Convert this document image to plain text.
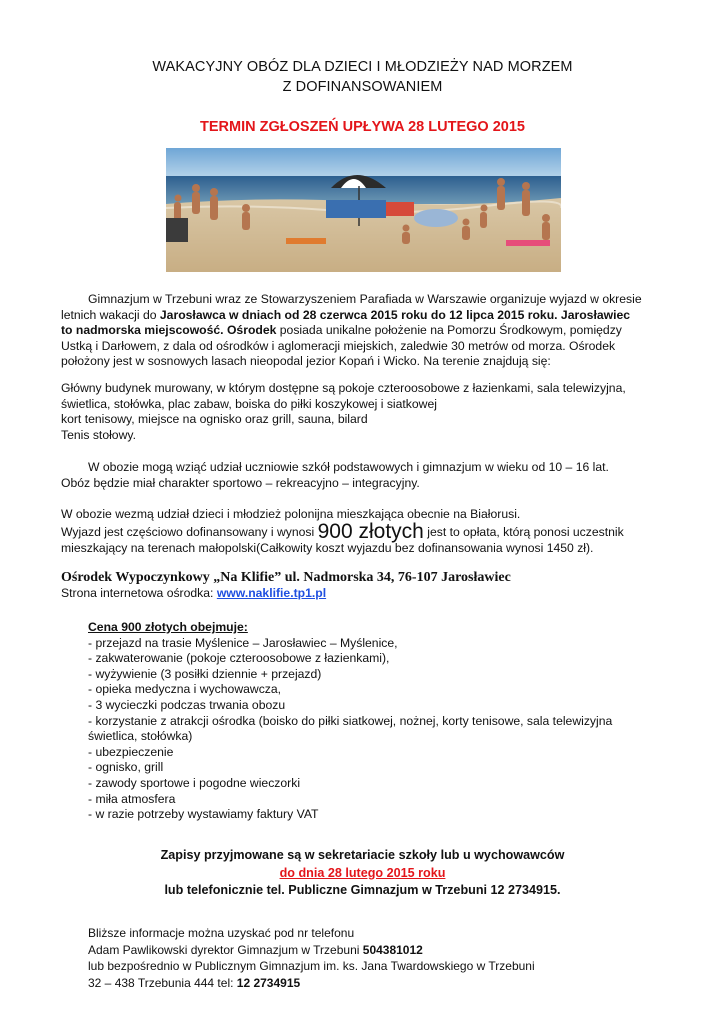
WAKACYJNY OBÓZ DLA DZIECI I MŁODZIEŻY NAD MORZEM
Z DOFINANSOWANIEM
TERMIN ZGŁOSZEŃ UPŁYWA 28 LUTEGO 2015
Gimnazjum w Trzebuni wraz ze Stowarzyszeniem Parafiada w Warszawie organizuje wyjazd w okresie
letnich wakacji do Jarosławca w dniach od 28 czerwca 2015 roku do 12 lipca 2015 roku. Jarosławiec
to nadmorska miejscowość. Ośrodek posiada unikalne położenie na Pomorzu Środkowym, pomiędzy
Ustką i Darłowem, z dala od ośrodków i aglomeracji miejskich, zaledwie 30 metrów od morza. Ośrodek
położony jest w sosnowych lasach nieopodal jezior Kopań i Wicko. Na terenie znajdują się:
Główny budynek murowany, w którym dostępne są pokoje czteroosobowe z łazienkami, sala telewizyjna,
świetlica, stołówka, plac zabaw, boiska do piłki koszykowej i siatkowej
kort tenisowy, miejsce na ognisko oraz grill, sauna, bilard
Tenis stołowy.
W obozie mogą wziąć udział uczniowie szkół podstawowych i gimnazjum w wieku od 10 – 16 lat.
Obóz będzie miał charakter sportowo – rekreacyjno – integracyjny.
W obozie wezmą udział dzieci i młodzież polonijna mieszkająca obecnie na Białorusi.
Wyjazd jest częściowo dofinansowany i wynosi 900 złotych jest to opłata, którą ponosi uczestnik
mieszkający na terenach małopolski(Całkowity koszt wyjazdu bez dofinansowania wynosi 1450 zł).
Ośrodek Wypoczynkowy „Na Klifie” ul. Nadmorska 34, 76-107 Jarosławiec
Strona internetowa ośrodka: www.naklifie.tp1.pl
Cena 900 złotych obejmuje:
- przejazd na trasie Myślenice – Jarosławiec – Myślenice,
- zakwaterowanie (pokoje czteroosobowe z łazienkami),
- wyżywienie (3 posiłki dziennie + przejazd)
- opieka medyczna i wychowawcza,
- 3 wycieczki podczas trwania obozu
- korzystanie z atrakcji ośrodka (boisko do piłki siatkowej, nożnej, korty tenisowe, sala telewizyjna
świetlica, stołówka)
- ubezpieczenie
- ognisko, grill
- zawody sportowe i pogodne wieczorki
- miła atmosfera
- w razie potrzeby wystawiamy faktury VAT
Zapisy przyjmowane są w sekretariacie szkoły lub u wychowawców
do dnia 28 lutego 2015 roku
lub telefonicznie tel. Publiczne Gimnazjum w Trzebuni 12 2734915.
Bliższe informacje można uzyskać pod nr telefonu
Adam Pawlikowski dyrektor Gimnazjum w Trzebuni 504381012
lub bezpośrednio w Publicznym Gimnazjum im. ks. Jana Twardowskiego w Trzebuni
32 – 438 Trzebunia 444 tel: 12 2734915
